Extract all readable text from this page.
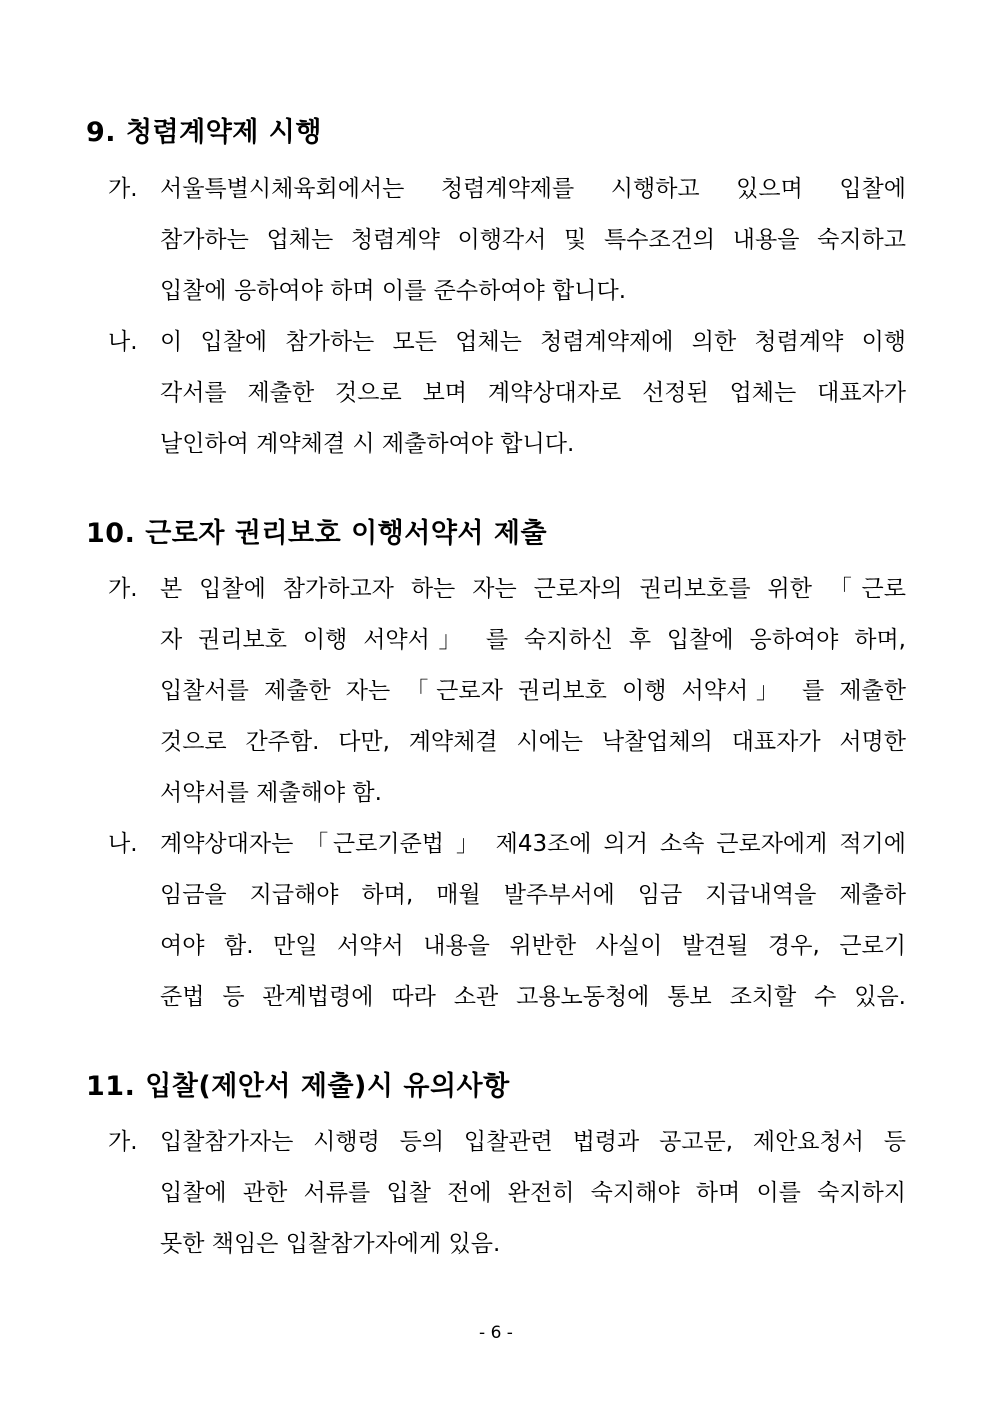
9. 청렴계약제 시행
가. 서울특별시체육회에서는 청렴계약제를 시행하고 있으며 입찰에
참가하는 업체는 청렴계약 이행각서 및 특수조건의 내용을 숙지하고
입찰에 응하여야 하며 이를 준수하여야 합니다.
나. 이 입찰에 참가하는 모든 업체는 청렴계약제에 의한 청렴계약 이행
각서를 제출한 것으로 보며 계약상대자로 선정된 업체는 대표자가
날인하여 계약체결 시 제출하여야 합니다.
10. 근로자 권리보호 이행서약서 제출
가. 본 입찰에 참가하고자 하는 자는 근로자의 권리보호를 위한 「근로
자 권리보호 이행 서약서」 를 숙지하신 후 입찰에 응하여야 하며,
입찰서를 제출한 자는 「근로자 권리보호 이행 서약서」 를 제출한
것으로 간주함. 다만, 계약체결 시에는 낙찰업체의 대표자가 서명한
서약서를 제출해야 함.
나. 계약상대자는 「근로기준법 」 제43조에 의거 소속 근로자에게 적기에
임금을 지급해야 하며, 매월 발주부서에 임금 지급내역을 제출하
여야 함. 만일 서약서 내용을 위반한 사실이 발견될 경우, 근로기
준법 등 관계법령에 따라 소관 고용노동청에 통보 조치할 수 있음.
11. 입찰(제안서 제출)시 유의사항
가. 입찰참가자는 시행령 등의 입찰관련 법령과 공고문, 제안요청서 등
입찰에 관한 서류를 입찰 전에 완전히 숙지해야 하며 이를 숙지하지
못한 책임은 입찰참가자에게 있음.
- 6 -
